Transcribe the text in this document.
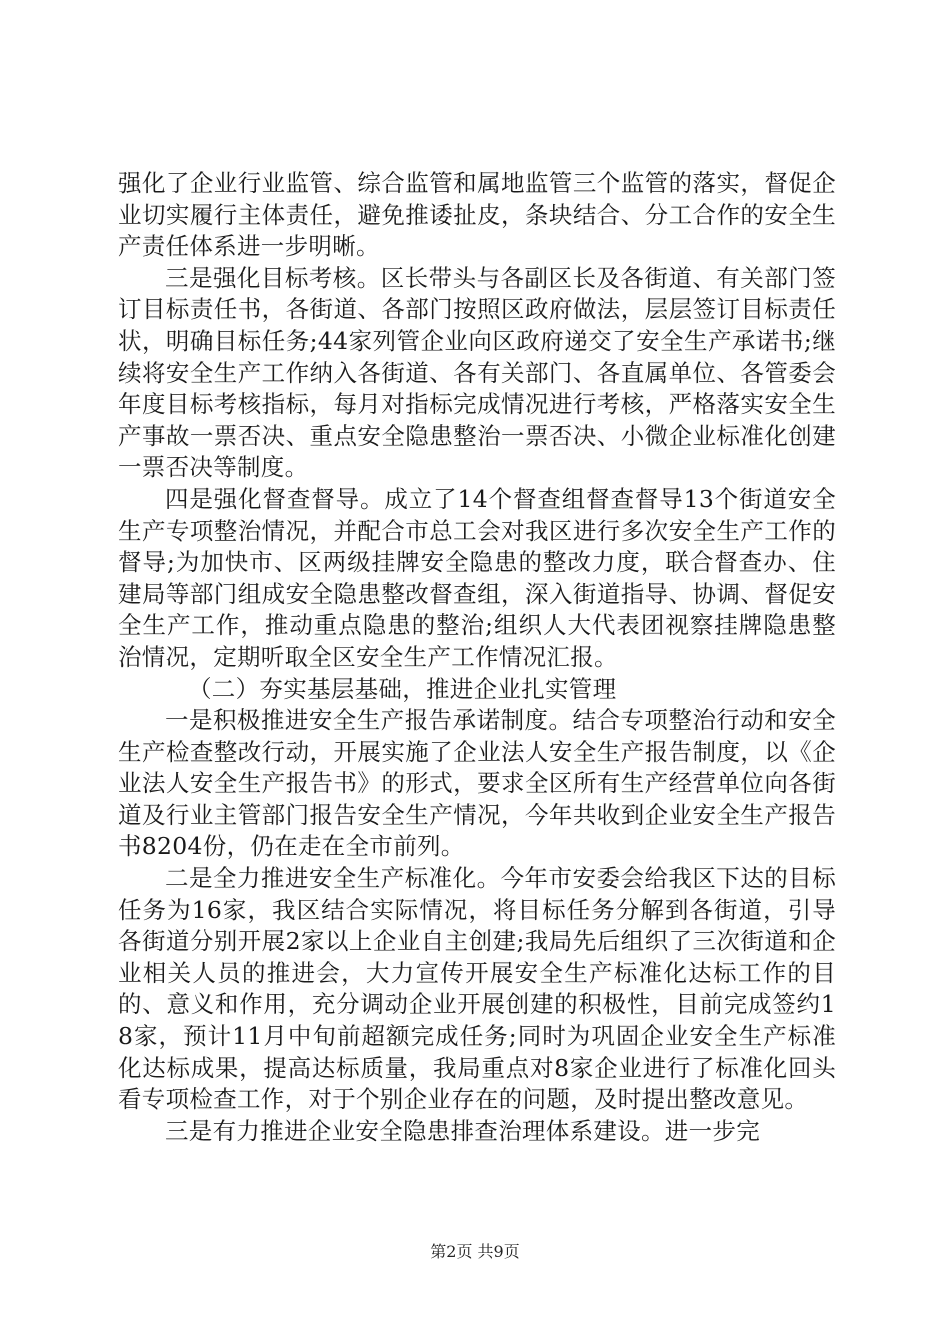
强化了企业行业监管、综合监管和属地监管三个监管的落实，督促企业切实履行主体责任，避免推诿扯皮，条块结合、分工合作的安全生产责任体系进一步明晰。

三是强化目标考核。区长带头与各副区长及各街道、有关部门签订目标责任书，各街道、各部门按照区政府做法，层层签订目标责任状，明确目标任务;44家列管企业向区政府递交了安全生产承诺书;继续将安全生产工作纳入各街道、各有关部门、各直属单位、各管委会年度目标考核指标，每月对指标完成情况进行考核，严格落实安全生产事故一票否决、重点安全隐患整治一票否决、小微企业标准化创建一票否决等制度。

四是强化督查督导。成立了14个督查组督查督导13个街道安全生产专项整治情况，并配合市总工会对我区进行多次安全生产工作的督导;为加快市、区两级挂牌安全隐患的整改力度，联合督查办、住建局等部门组成安全隐患整改督查组，深入街道指导、协调、督促安全生产工作，推动重点隐患的整治;组织人大代表团视察挂牌隐患整治情况，定期听取全区安全生产工作情况汇报。

（二）夯实基层基础，推进企业扎实管理

一是积极推进安全生产报告承诺制度。结合专项整治行动和安全生产检查整改行动，开展实施了企业法人安全生产报告制度，以《企业法人安全生产报告书》的形式，要求全区所有生产经营单位向各街道及行业主管部门报告安全生产情况，今年共收到企业安全生产报告书8204份，仍在走在全市前列。

二是全力推进安全生产标准化。今年市安委会给我区下达的目标任务为16家，我区结合实际情况，将目标任务分解到各街道，引导各街道分别开展2家以上企业自主创建;我局先后组织了三次街道和企业相关人员的推进会，大力宣传开展安全生产标准化达标工作的目的、意义和作用，充分调动企业开展创建的积极性，目前完成签约18家，预计11月中旬前超额完成任务;同时为巩固企业安全生产标准化达标成果，提高达标质量，我局重点对8家企业进行了标准化回头看专项检查工作，对于个别企业存在的问题，及时提出整改意见。

三是有力推进企业安全隐患排查治理体系建设。进一步完

第2页 共9页
